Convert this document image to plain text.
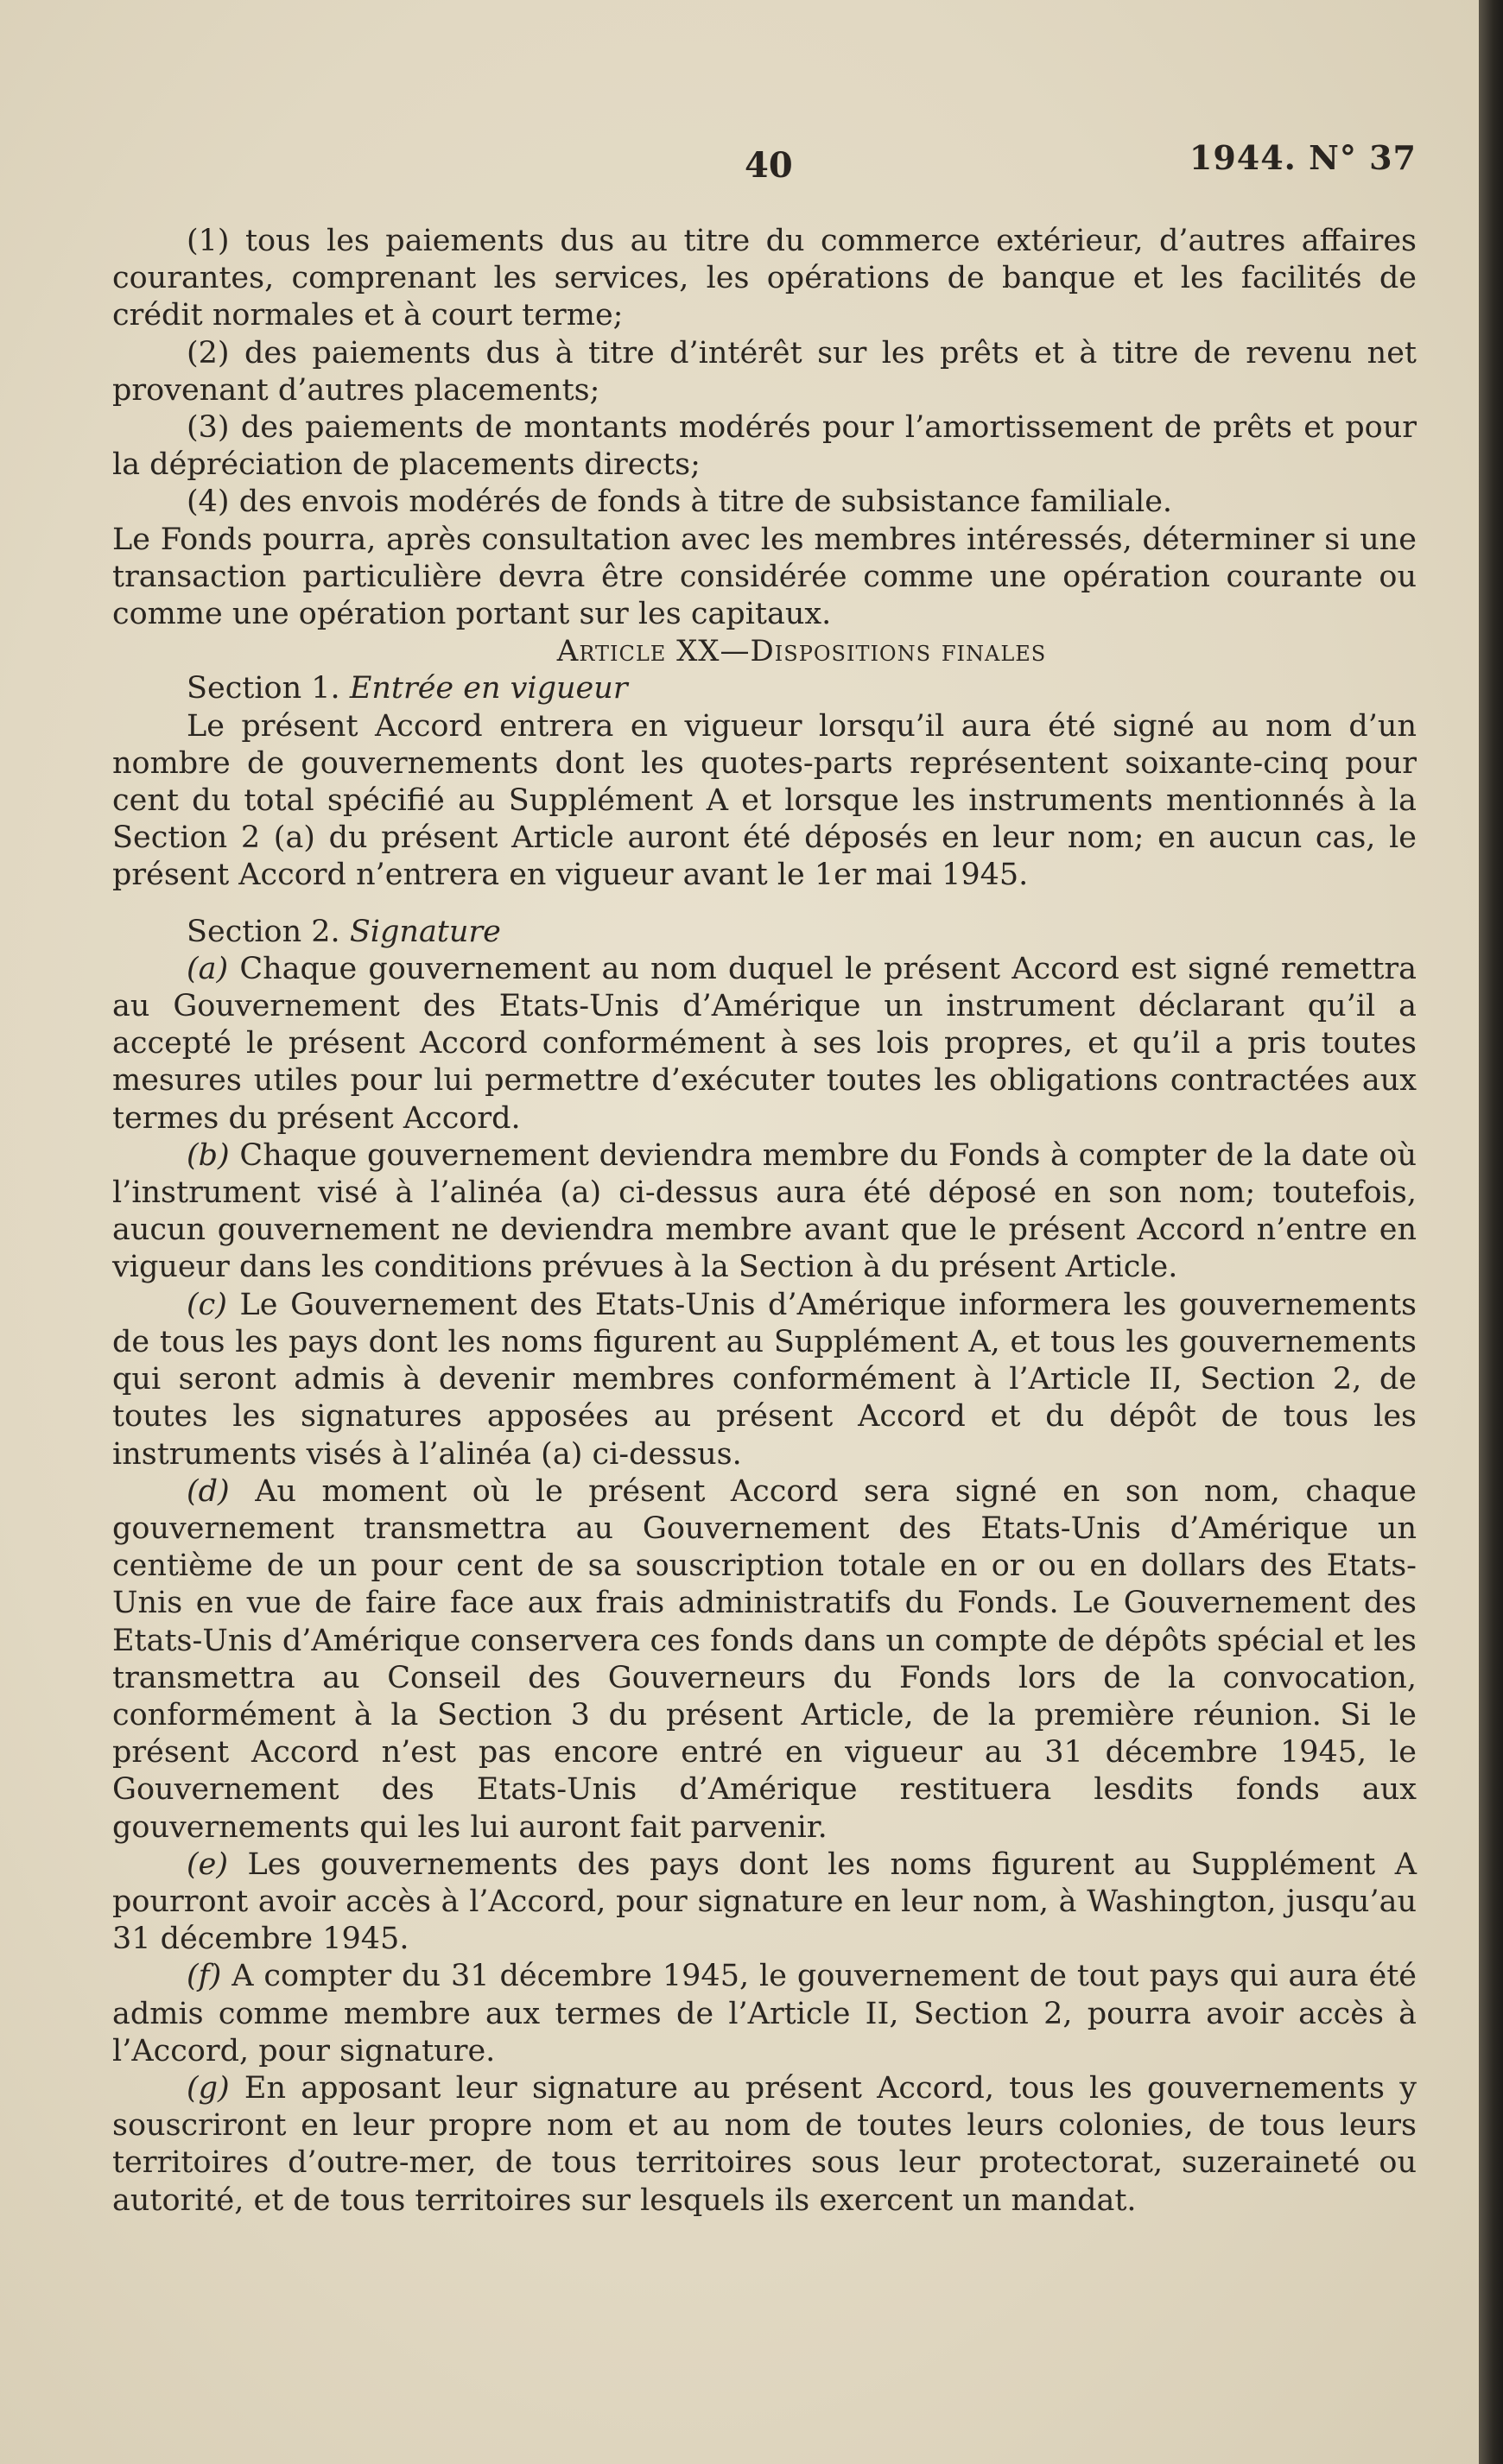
40	1944. N° 37

(1) tous les paiements dus au titre du commerce extérieur, d’autres affaires courantes, comprenant les services, les opérations de banque et les facilités de crédit normales et à court terme;

(2) des paiements dus à titre d’intérêt sur les prêts et à titre de revenu net provenant d’autres placements;

(3) des paiements de montants modérés pour l’amortissement de prêts et pour la dépréciation de placements directs;

(4) des envois modérés de fonds à titre de subsistance familiale.

Le Fonds pourra, après consultation avec les membres intéressés, déterminer si une transaction particulière devra être considérée comme une opération courante ou comme une opération portant sur les capitaux.

Article XX—Dispositions finales

Section 1. Entrée en vigueur

Le présent Accord entrera en vigueur lorsqu’il aura été signé au nom d’un nombre de gouvernements dont les quotes-parts représentent soixante-cinq pour cent du total spécifié au Supplément A et lorsque les instruments mentionnés à la Section 2 (a) du présent Article auront été déposés en leur nom; en aucun cas, le présent Accord n’entrera en vigueur avant le 1er mai 1945.

Section 2. Signature

(a) Chaque gouvernement au nom duquel le présent Accord est signé remettra au Gouvernement des Etats-Unis d’Amérique un instrument déclarant qu’il a accepté le présent Accord conformément à ses lois propres, et qu’il a pris toutes mesures utiles pour lui permettre d’exécuter toutes les obligations contractées aux termes du présent Accord.

(b) Chaque gouvernement deviendra membre du Fonds à compter de la date où l’instrument visé à l’alinéa (a) ci-dessus aura été déposé en son nom; toutefois, aucun gouvernement ne deviendra membre avant que le présent Accord n’entre en vigueur dans les conditions prévues à la Section à du présent Article.

(c) Le Gouvernement des Etats-Unis d’Amérique informera les gouvernements de tous les pays dont les noms figurent au Supplément A, et tous les gouvernements qui seront admis à devenir membres conformément à l’Article II, Section 2, de toutes les signatures apposées au présent Accord et du dépôt de tous les instruments visés à l’alinéa (a) ci-dessus.

(d) Au moment où le présent Accord sera signé en son nom, chaque gouvernement transmettra au Gouvernement des Etats-Unis d’Amérique un centième de un pour cent de sa souscription totale en or ou en dollars des Etats-Unis en vue de faire face aux frais administratifs du Fonds. Le Gouvernement des Etats-Unis d’Amérique conservera ces fonds dans un compte de dépôts spécial et les transmettra au Conseil des Gouverneurs du Fonds lors de la convocation, conformément à la Section 3 du présent Article, de la première réunion. Si le présent Accord n’est pas encore entré en vigueur au 31 décembre 1945, le Gouvernement des Etats-Unis d’Amérique restituera lesdits fonds aux gouvernements qui les lui auront fait parvenir.

(e) Les gouvernements des pays dont les noms figurent au Supplément A pourront avoir accès à l’Accord, pour signature en leur nom, à Washington, jusqu’au 31 décembre 1945.

(f) A compter du 31 décembre 1945, le gouvernement de tout pays qui aura été admis comme membre aux termes de l’Article II, Section 2, pourra avoir accès à l’Accord, pour signature.

(g) En apposant leur signature au présent Accord, tous les gouvernements y souscriront en leur propre nom et au nom de toutes leurs colonies, de tous leurs territoires d’outre-mer, de tous territoires sous leur protectorat, suzeraineté ou autorité, et de tous territoires sur lesquels ils exercent un mandat.
